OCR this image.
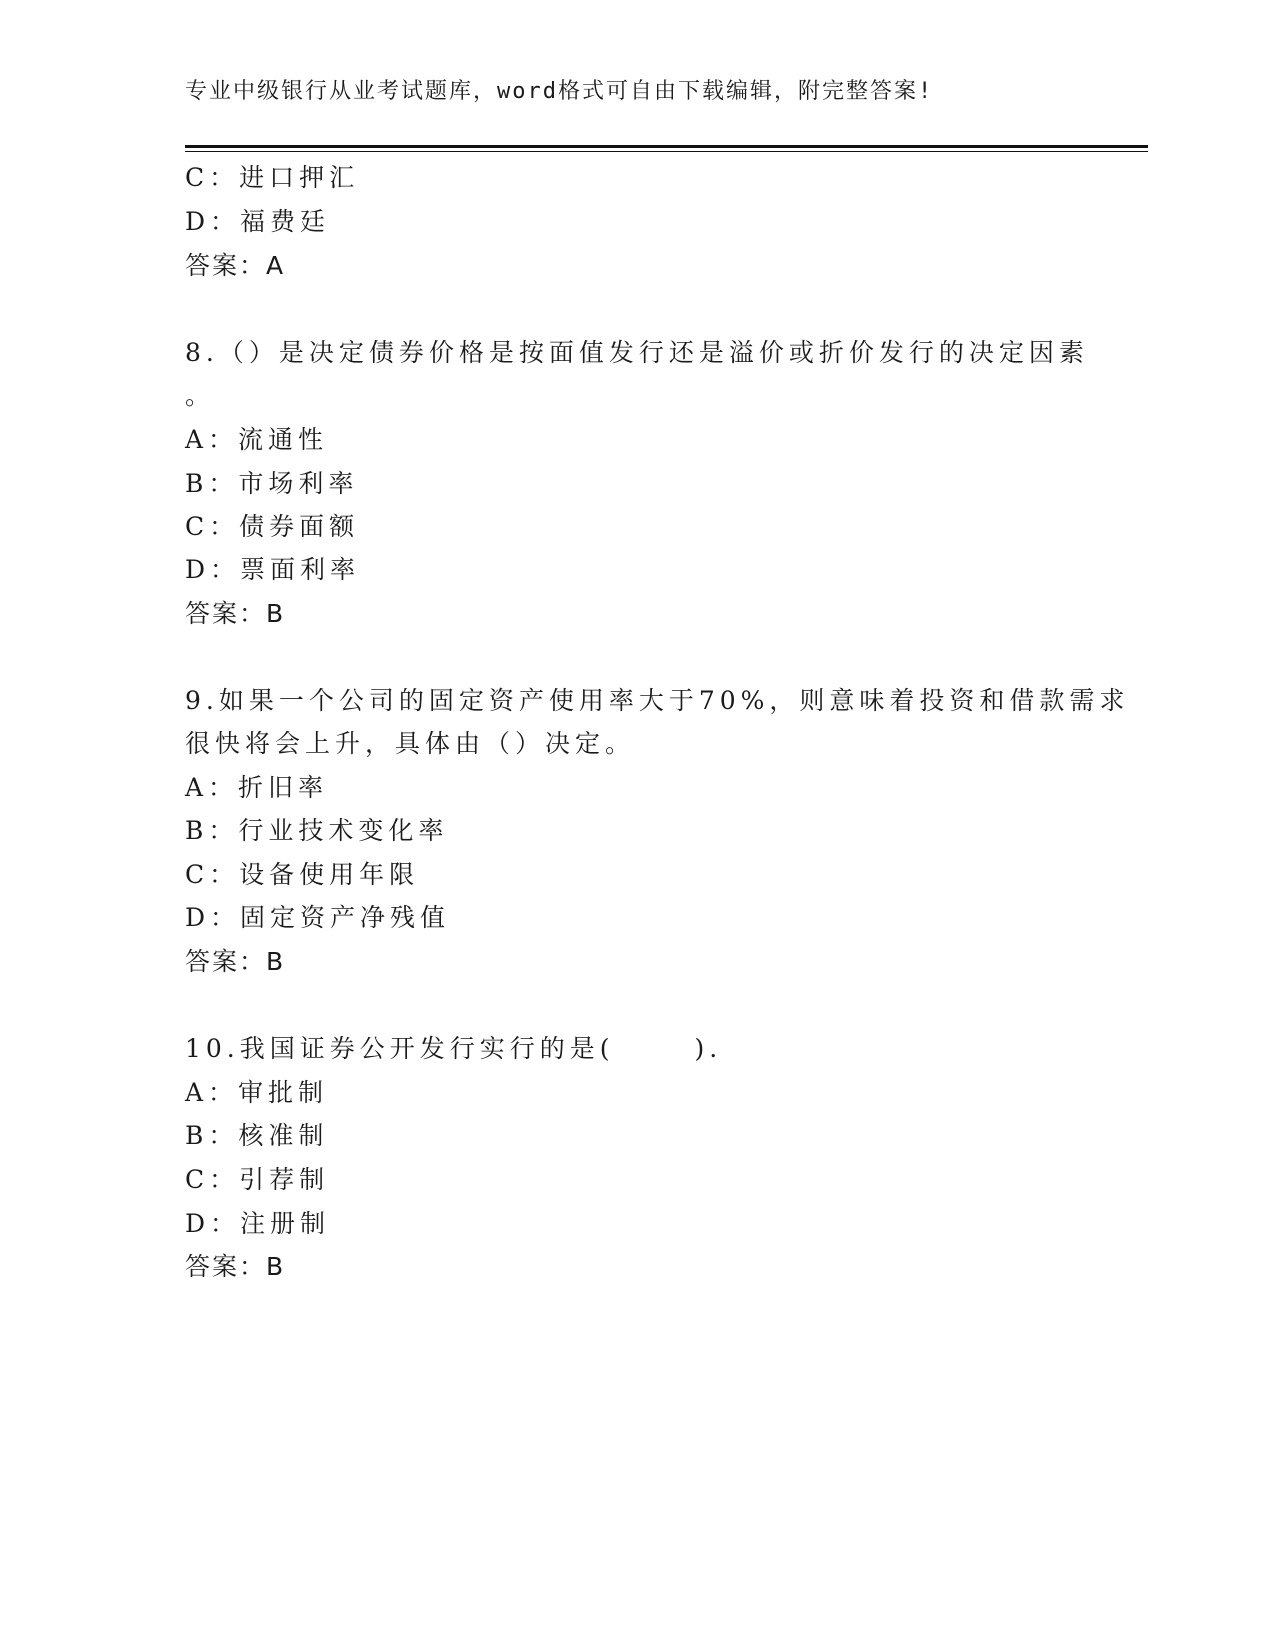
专业中级银行从业考试题库，word格式可自由下载编辑，附完整答案!
C：进口押汇
D：福费廷
答案：A
8.（）是决定债券价格是按面值发行还是溢价或折价发行的决定因素
。
A：流通性
B：市场利率
C：债券面额
D：票面利率
答案：B
9.如果一个公司的固定资产使用率大于70%，则意味着投资和借款需求
很快将会上升，具体由（）决定。
A：折旧率
B：行业技术变化率
C：设备使用年限
D：固定资产净残值
答案：B
10.我国证券公开发行实行的是(	).
A：审批制
B：核准制
C：引荐制
D：注册制
答案：B
